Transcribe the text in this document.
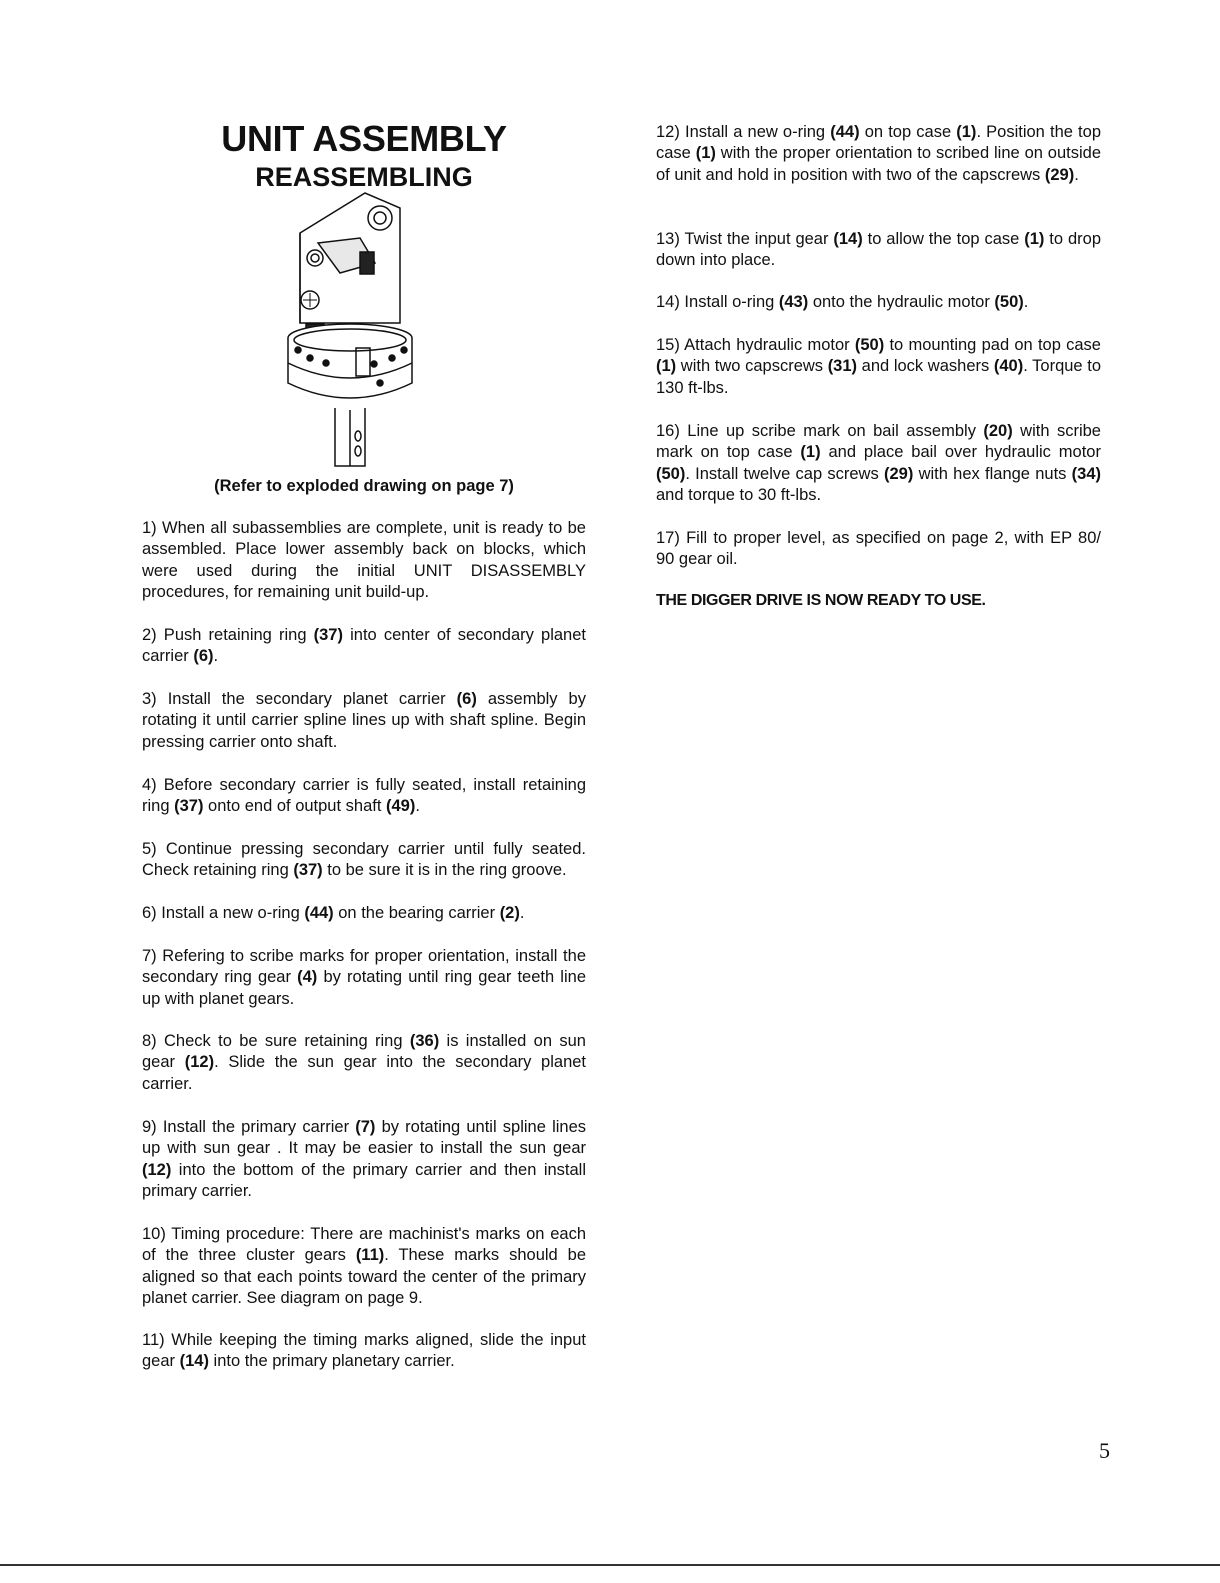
UNIT ASSEMBLY
REASSEMBLING

(Refer to exploded drawing on page 7)

1) When all subassemblies are complete, unit is ready to be assembled. Place lower assembly back on blocks, which were used during the initial UNIT DISASSEMBLY procedures, for remaining unit build-up.

2) Push retaining ring (37) into center of secondary planet carrier (6).

3) Install the secondary planet carrier (6) assembly by rotating it until carrier spline lines up with shaft spline. Begin pressing carrier onto shaft.

4) Before secondary carrier is fully seated, install retaining ring (37) onto end of output shaft (49).

5) Continue pressing secondary carrier until fully seated. Check retaining ring (37) to be sure it is in the ring groove.

6) Install a new o-ring (44) on the bearing carrier (2).

7) Refering to scribe marks for proper orientation, install the secondary ring gear (4) by rotating until ring gear teeth line up with planet gears.

8) Check to be sure retaining ring (36) is installed on sun gear (12). Slide the sun gear into the secondary planet carrier.

9) Install the primary carrier (7) by rotating until spline lines up with sun gear . It may be easier to install the sun gear (12) into the bottom of the primary carrier and then install primary carrier.

10) Timing procedure: There are machinist's marks on each of the three cluster gears (11). These marks should be aligned so that each points toward the center of the primary planet carrier. See diagram on page 9.

11) While keeping the timing marks aligned, slide the input gear (14) into the primary planetary carrier.

12) Install a new o-ring (44) on top case (1). Position the top case (1) with the proper orientation to scribed line on outside of unit and hold in position with two of the capscrews (29).

13) Twist the input gear (14) to allow the top case (1) to drop down into place.

14) Install o-ring (43) onto the hydraulic motor (50).

15) Attach hydraulic motor (50) to mounting pad on top case (1) with two capscrews (31) and lock washers (40). Torque to 130 ft-lbs.

16) Line up scribe mark on bail assembly (20) with scribe mark on top case (1) and place bail over hydraulic motor (50). Install twelve cap screws (29) with hex flange nuts (34) and torque to 30 ft-lbs.

17) Fill to proper level, as specified on page 2, with EP 80/ 90 gear oil.

THE DIGGER DRIVE IS NOW READY TO USE.

5
